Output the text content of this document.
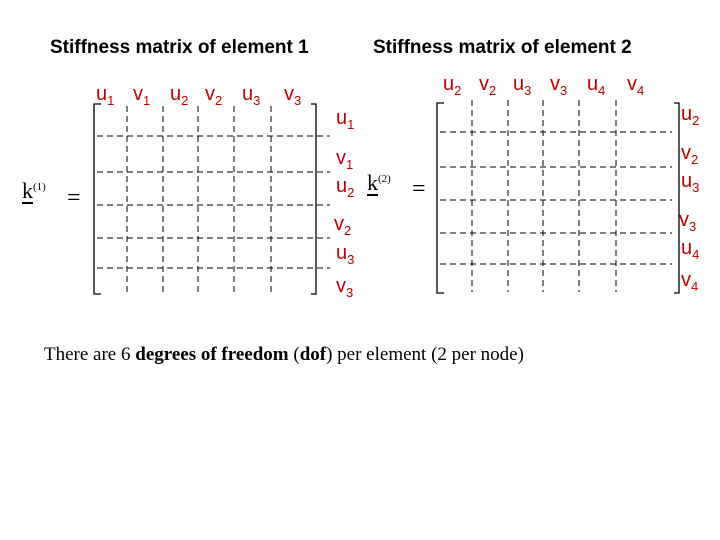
Stiffness matrix of element 1	Stiffness matrix of element 2
$k^{(1)}$ =
$k^{(2)}$ =
$u_1$ $v_1$ $u_2$ $v_2$ $u_3$ $v_3$
$u_1$
$v_1$
$u_2$
$v_2$
$u_3$
$v_3$
$u_2$ $v_2$ $u_3$ $v_3$ $u_4$ $v_4$
$u_2$
$v_2$
$u_3$
$v_3$
$u_4$
$v_4$
There are 6 degrees of freedom (dof) per element (2 per node)
